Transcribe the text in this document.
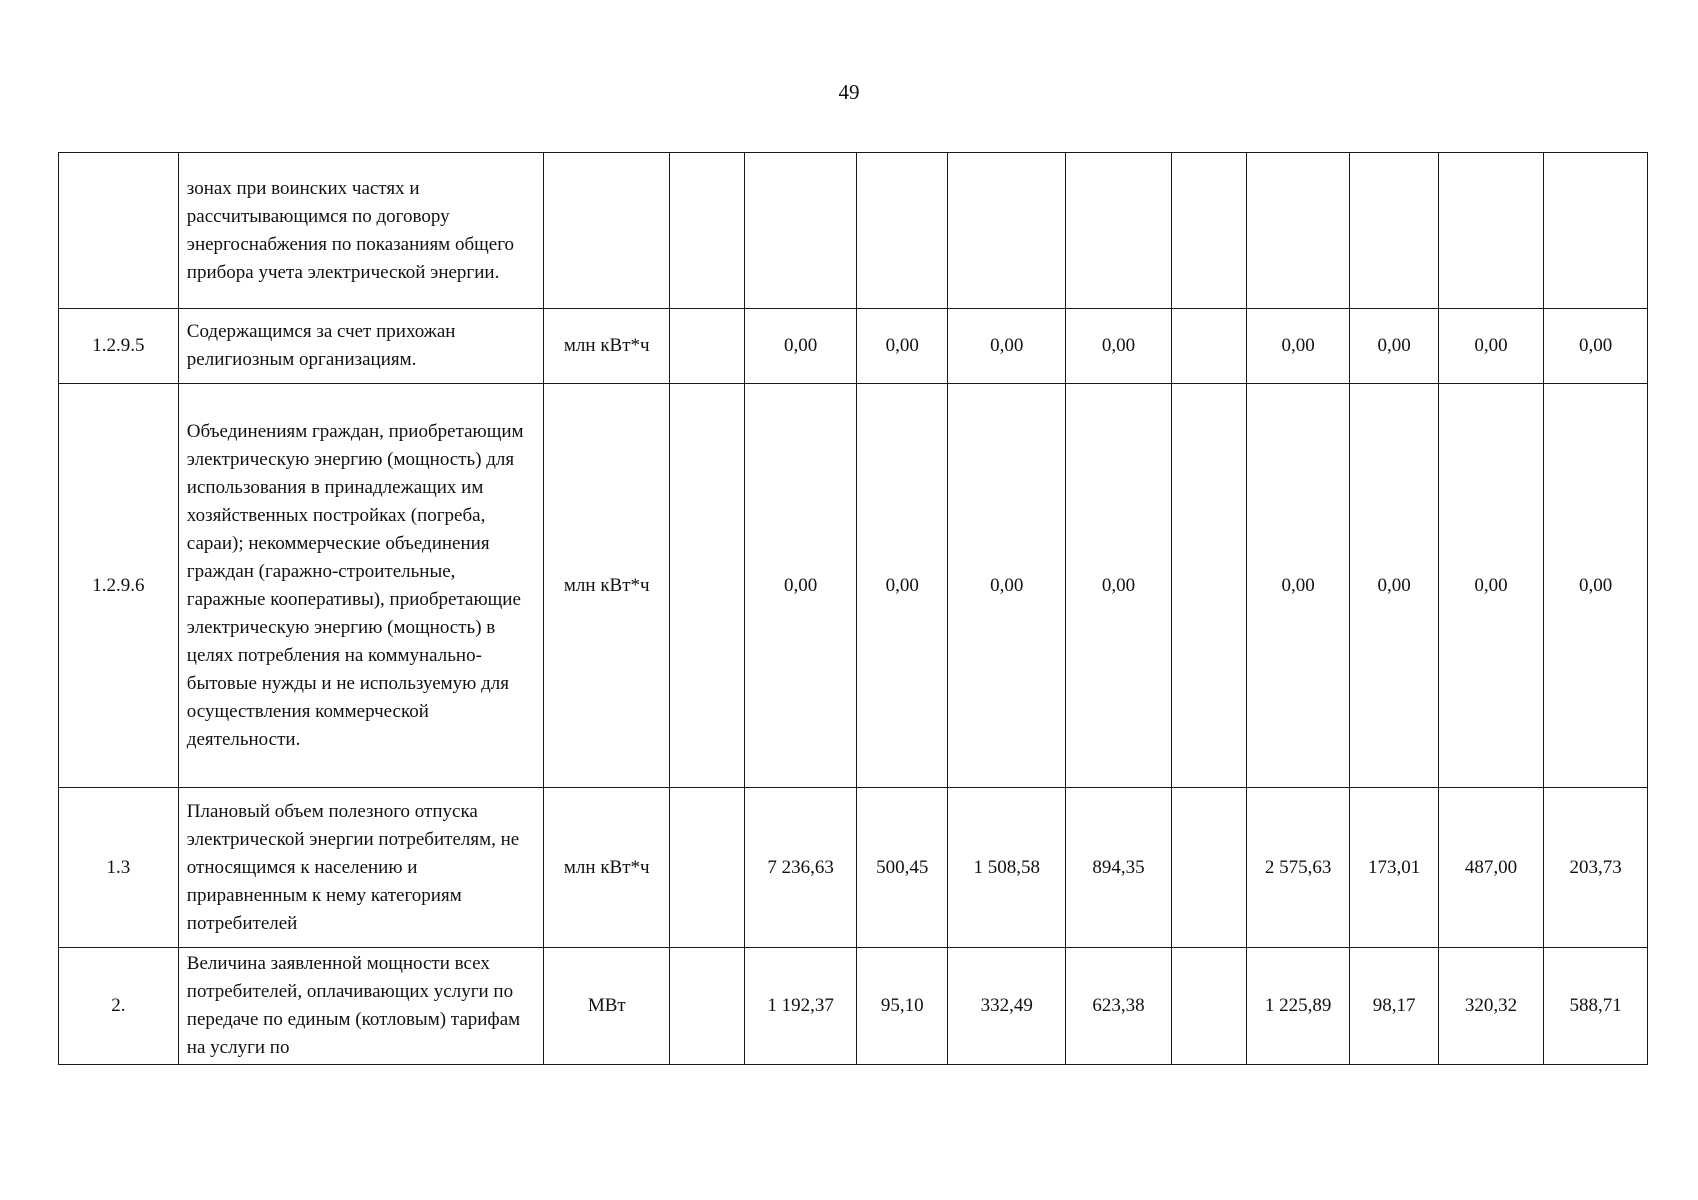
49
	зонах при воинских частях и рассчитывающимся по договору энергоснабжения по показаниям общего прибора учета электрической энергии.											
1.2.9.5	Содержащимся за счет прихожан религиозным организациям.	млн кВт*ч		0,00	0,00	0,00	0,00		0,00	0,00	0,00	0,00
1.2.9.6	Объединениям граждан, приобретающим электрическую энергию (мощность) для использования в принадлежащих им хозяйственных постройках (погреба, сараи); некоммерческие объединения граждан (гаражно-строительные, гаражные кооперативы), приобретающие электрическую энергию (мощность) в целях потребления на коммунально-бытовые нужды и не используемую для осуществления коммерческой деятельности.	млн кВт*ч		0,00	0,00	0,00	0,00		0,00	0,00	0,00	0,00
1.3	Плановый объем полезного отпуска электрической энергии потребителям, не относящимся к населению и приравненным к нему категориям потребителей	млн кВт*ч		7 236,63	500,45	1 508,58	894,35		2 575,63	173,01	487,00	203,73
2.	Величина заявленной мощности всех потребителей, оплачивающих услуги по передаче по единым (котловым) тарифам на услуги по	МВт		1 192,37	95,10	332,49	623,38		1 225,89	98,17	320,32	588,71
